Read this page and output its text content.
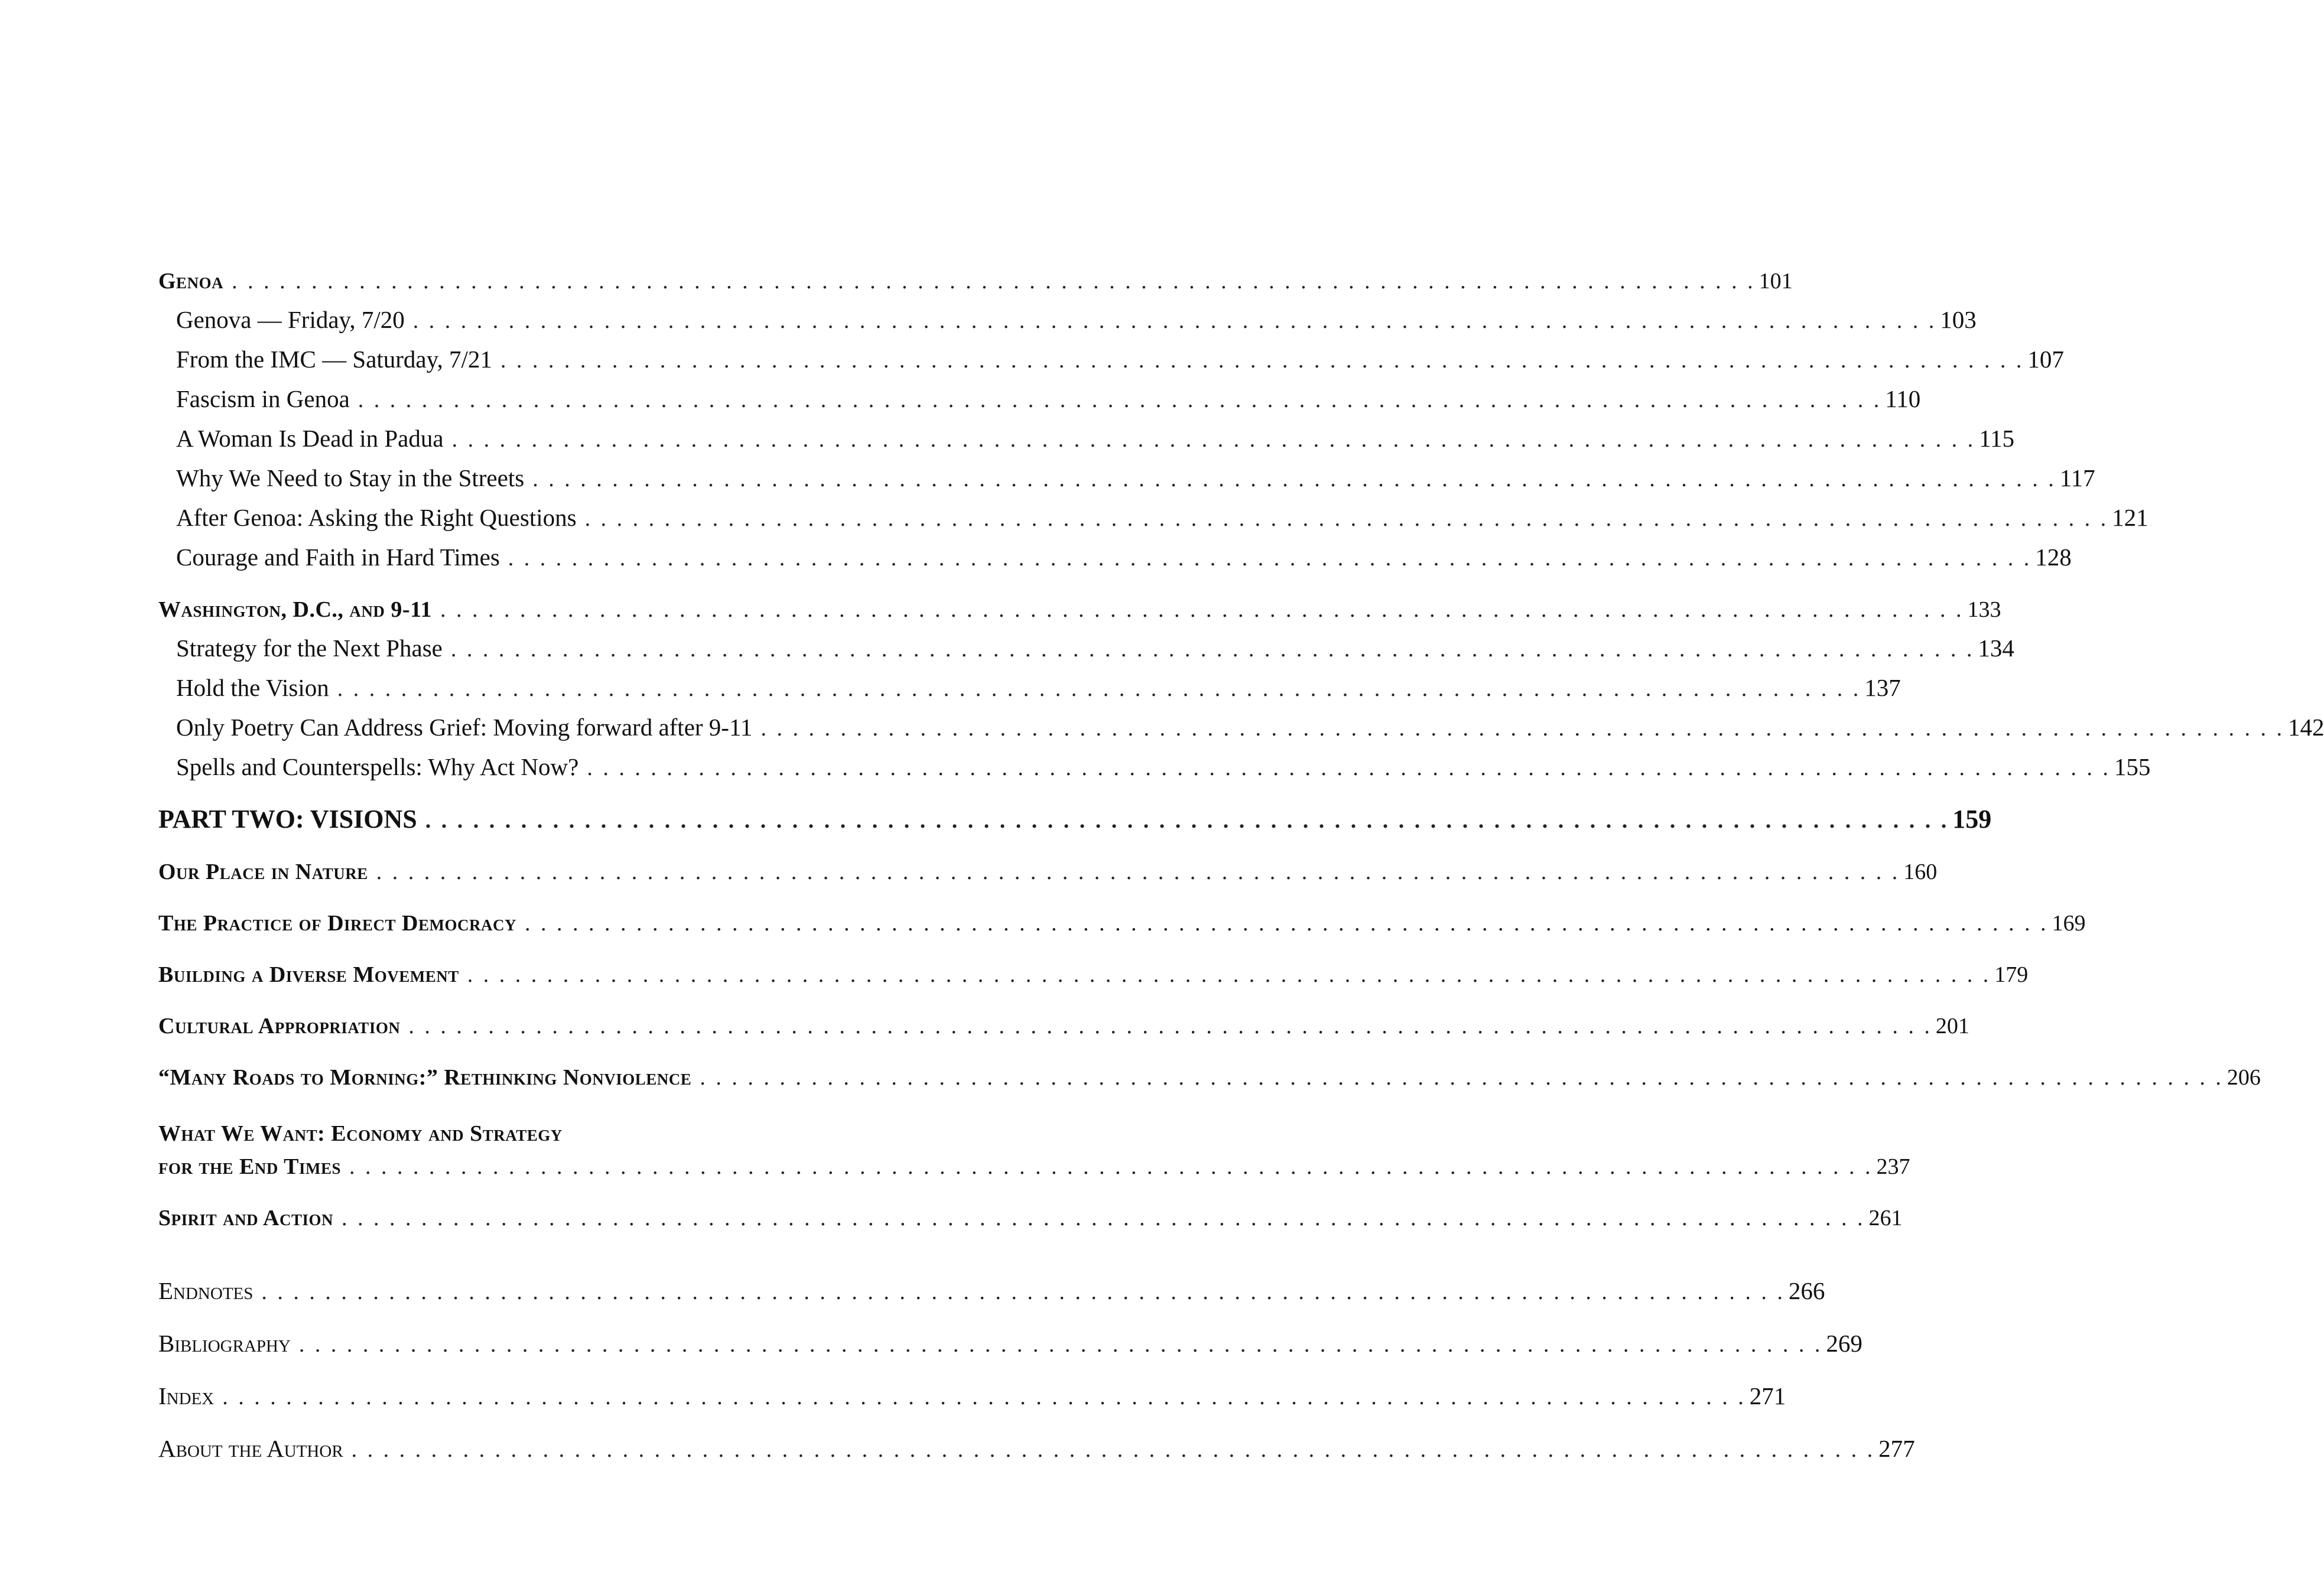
Genoa . . .	101
Genova — Friday, 7/20 . . .	103
From the IMC — Saturday, 7/21 . . .	107
Fascism in Genoa . . .	110
A Woman Is Dead in Padua . . .	115
Why We Need to Stay in the Streets . . .	117
After Genoa: Asking the Right Questions . . .	121
Courage and Faith in Hard Times . . .	128
Washington, D.C., and 9-11 . . .	133
Strategy for the Next Phase . . .	134
Hold the Vision . . .	137
Only Poetry Can Address Grief: Moving forward after 9-11 . . .	142
Spells and Counterspells: Why Act Now? . . .	155
PART TWO: VISIONS . . .	159
Our Place in Nature . . .	160
The Practice of Direct Democracy . . .	169
Building a Diverse Movement . . .	179
Cultural Appropriation . . .	201
“Many Roads to Morning:” Rethinking Nonviolence . . .	206
What We Want: Economy and Strategy
for the End Times . . .	237
Spirit and Action . . .	261
Endnotes . . .	266
Bibliography . . .	269
Index . . .	271
About the Author . . .	277
